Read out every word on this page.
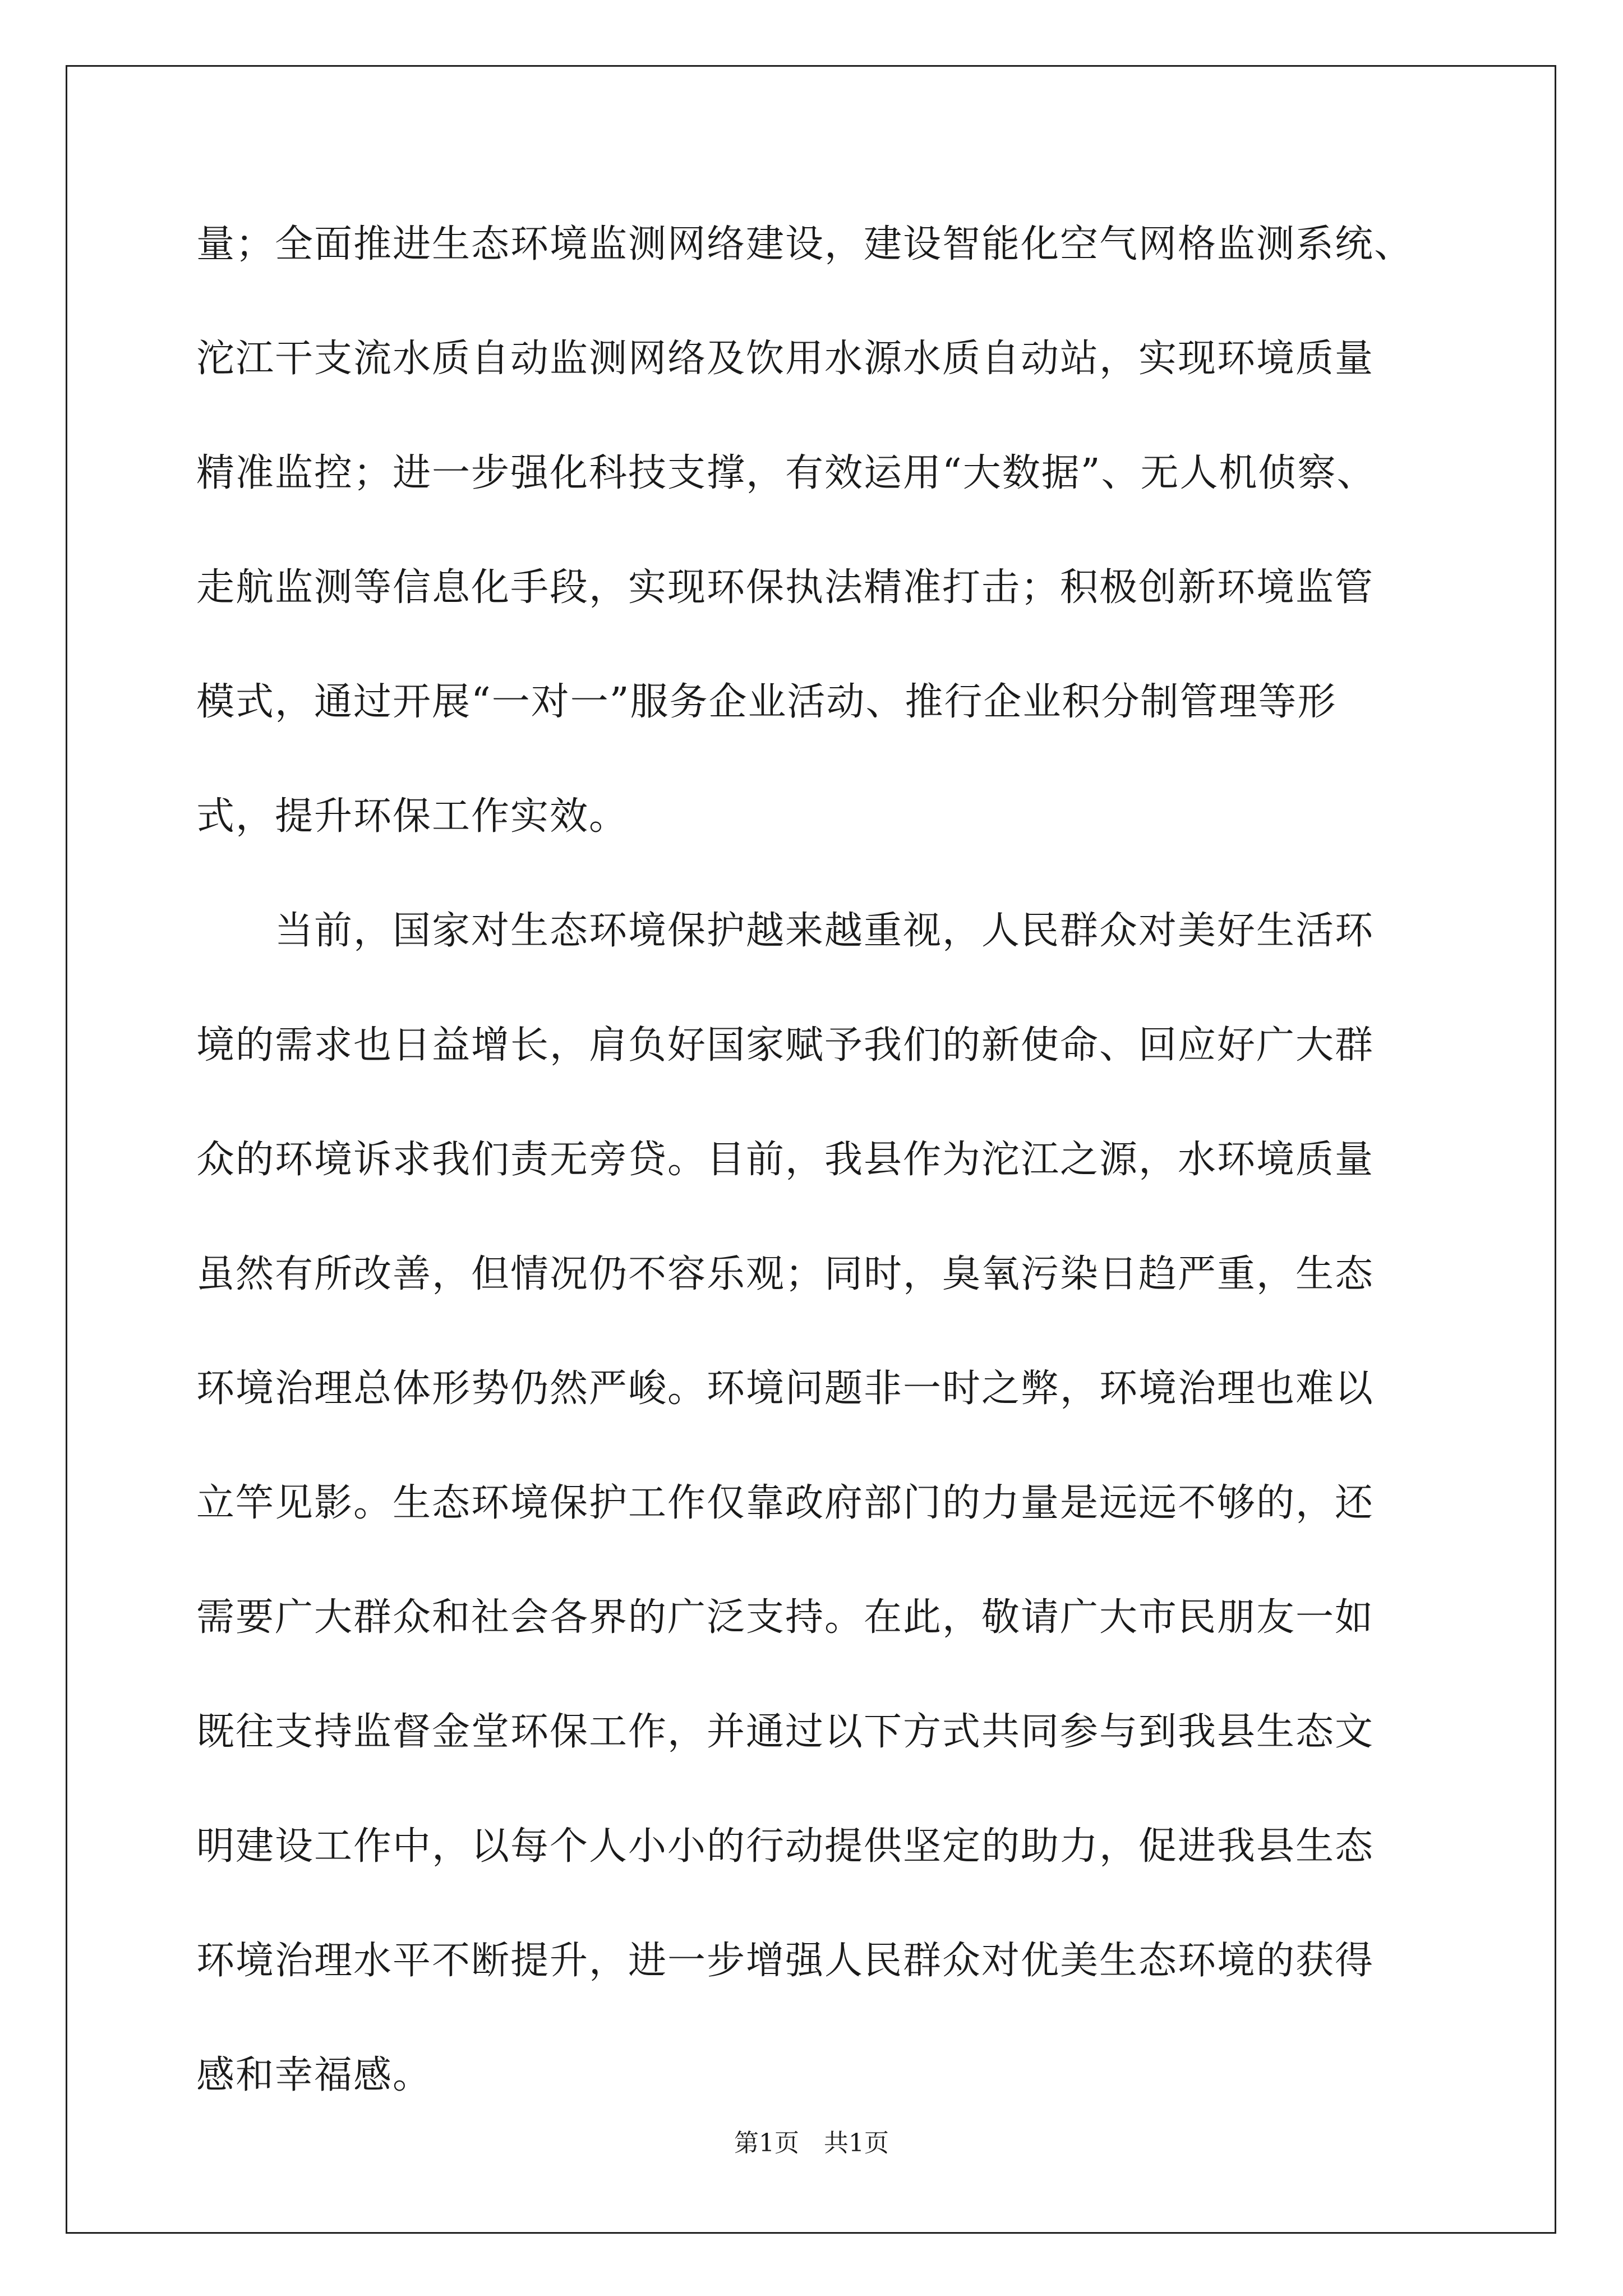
量；全面推进生态环境监测网络建设，建设智能化空气网格监测系统、
沱江干支流水质自动监测网络及饮用水源水质自动站，实现环境质量
精准监控；进一步强化科技支撑，有效运用“大数据”、无人机侦察、
走航监测等信息化手段，实现环保执法精准打击；积极创新环境监管
模式，通过开展“一对一”服务企业活动、推行企业积分制管理等形
式，提升环保工作实效。
　　当前，国家对生态环境保护越来越重视，人民群众对美好生活环
境的需求也日益增长，肩负好国家赋予我们的新使命、回应好广大群
众的环境诉求我们责无旁贷。目前，我县作为沱江之源，水环境质量
虽然有所改善，但情况仍不容乐观；同时，臭氧污染日趋严重，生态
环境治理总体形势仍然严峻。环境问题非一时之弊，环境治理也难以
立竿见影。生态环境保护工作仅靠政府部门的力量是远远不够的，还
需要广大群众和社会各界的广泛支持。在此，敬请广大市民朋友一如
既往支持监督金堂环保工作，并通过以下方式共同参与到我县生态文
明建设工作中，以每个人小小的行动提供坚定的助力，促进我县生态
环境治理水平不断提升，进一步增强人民群众对优美生态环境的获得
感和幸福感。
第1页　共1页
